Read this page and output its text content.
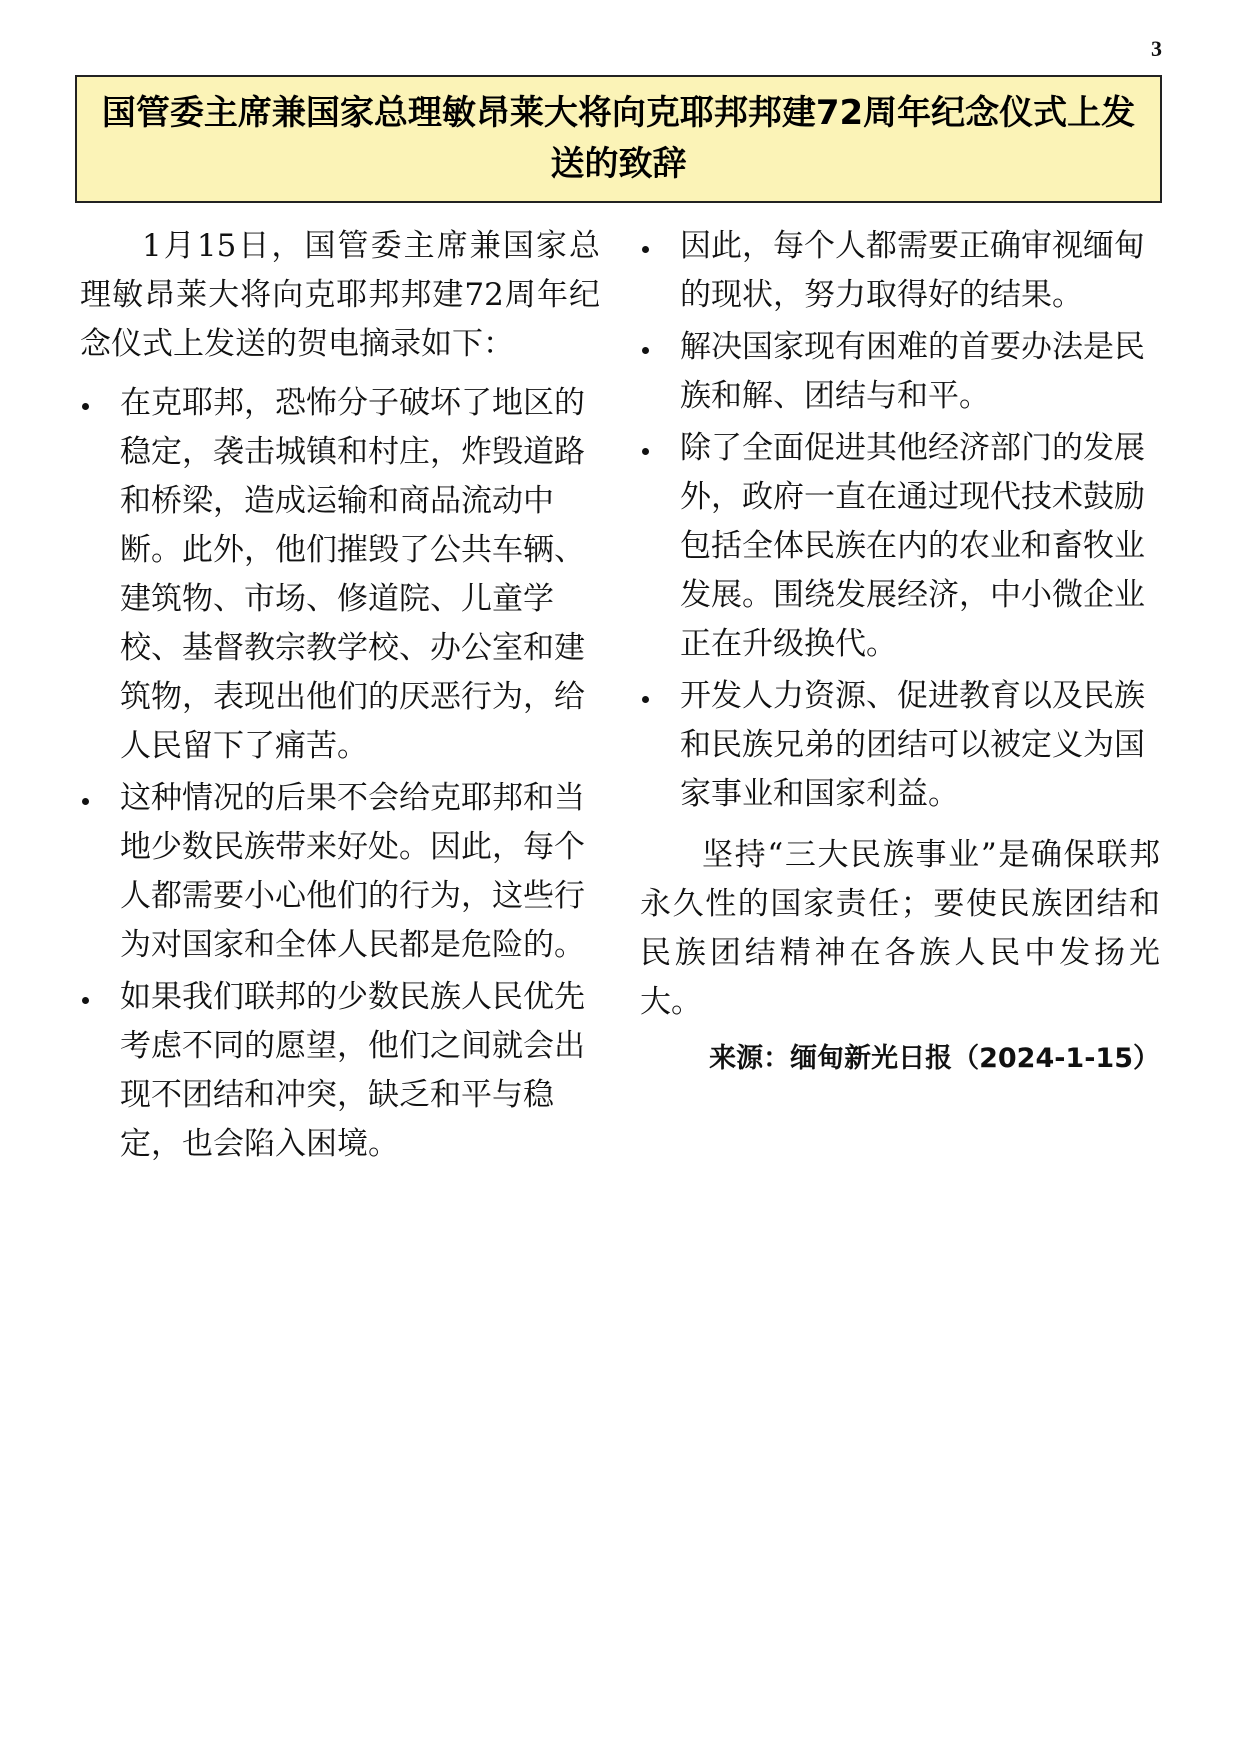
3
国管委主席兼国家总理敏昂莱大将向克耶邦邦建72周年纪念仪式上发送的致辞

1月15日，国管委主席兼国家总理敏昂莱大将向克耶邦邦建72周年纪念仪式上发送的贺电摘录如下：

在克耶邦，恐怖分子破坏了地区的稳定，袭击城镇和村庄，炸毁道路和桥梁，造成运输和商品流动中断。此外，他们摧毁了公共车辆、建筑物、市场、修道院、儿童学校、基督教宗教学校、办公室和建筑物，表现出他们的厌恶行为，给人民留下了痛苦。
这种情况的后果不会给克耶邦和当地少数民族带来好处。因此，每个人都需要小心他们的行为，这些行为对国家和全体人民都是危险的。
如果我们联邦的少数民族人民优先考虑不同的愿望，他们之间就会出现不团结和冲突，缺乏和平与稳定，也会陷入困境。
因此，每个人都需要正确审视缅甸的现状，努力取得好的结果。
解决国家现有困难的首要办法是民族和解、团结与和平。
除了全面促进其他经济部门的发展外，政府一直在通过现代技术鼓励包括全体民族在内的农业和畜牧业发展。围绕发展经济，中小微企业正在升级换代。
开发人力资源、促进教育以及民族和民族兄弟的团结可以被定义为国家事业和国家利益。

坚持“三大民族事业”是确保联邦永久性的国家责任；要使民族团结和民族团结精神在各族人民中发扬光大。

来源：缅甸新光日报（2024-1-15）
